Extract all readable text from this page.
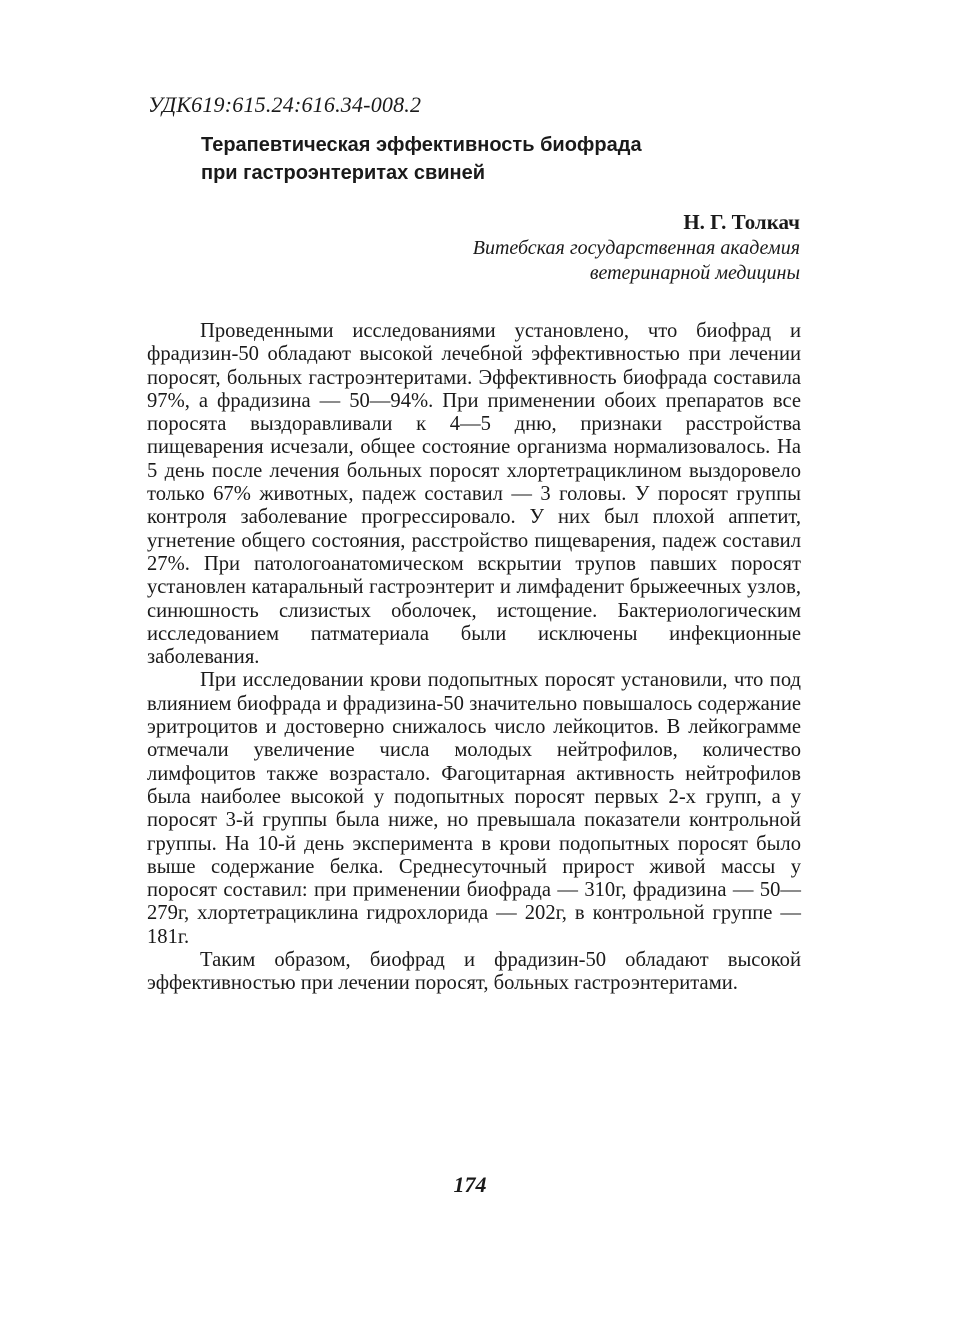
УДК619:615.24:616.34-008.2
Терапевтическая эффективность биофрада
при гастроэнтеритах свиней
Н. Г. Толкач
Витебская государственная академия
ветеринарной медицины

Проведенными исследованиями установлено, что биофрад и фрадизин-50 обладают высокой лечебной эффективностью при лечении поросят, больных гастроэнтеритами. Эффективность биофрада составила 97%, а фрадизина — 50—94%. При применении обоих препаратов все поросята выздоравливали к 4—5 дню, признаки расстройства пищеварения исчезали, общее состояние организма нормализовалось. На 5 день после лечения больных поросят хлортетрациклином выздоровело только 67% животных, падеж составил — 3 головы. У поросят группы контроля заболевание прогрессировало. У них был плохой аппетит, угнетение общего состояния, расстройство пищеварения, падеж составил 27%. При патологоанатомическом вскрытии трупов павших поросят установлен катаральный гастроэнтерит и лимфаденит брыжеечных узлов, синюшность слизистых оболочек, истощение. Бактериологическим исследованием патматериала были исключены инфекционные заболевания.

При исследовании крови подопытных поросят установили, что под влиянием биофрада и фрадизина-50 значительно повышалось содержание эритроцитов и достоверно снижалось число лейкоцитов. В лейкограмме отмечали увеличение числа молодых нейтрофилов, количество лимфоцитов также возрастало. Фагоцитарная активность нейтрофилов была наиболее высокой у подопытных поросят первых 2-х групп, а у поросят 3-й группы была ниже, но превышала показатели контрольной группы. На 10-й день эксперимента в крови подопытных поросят было выше содержание белка. Среднесуточный прирост живой массы у поросят составил: при применении биофрада — 310г, фрадизина — 50—279г, хлортетрациклина гидрохлорида — 202г, в контрольной группе — 181г.

Таким образом, биофрад и фрадизин-50 обладают высокой эффективностью при лечении поросят, больных гастроэнтеритами.

174
